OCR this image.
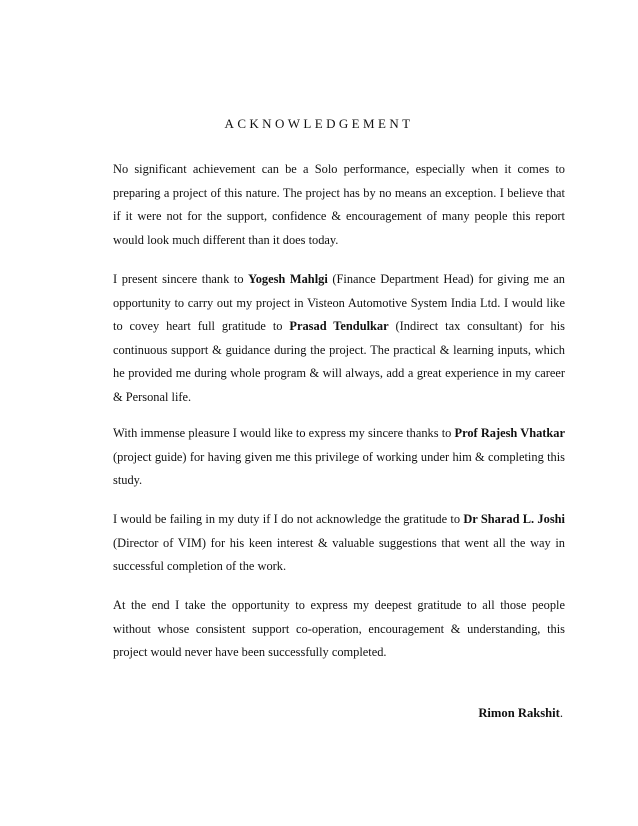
ACKNOWLEDGEMENT

No significant achievement can be a Solo performance, especially when it comes to preparing a project of this nature. The project has by no means an exception. I believe that if it were not for the support, confidence & encouragement of many people this report would look much different than it does today.

I present sincere thank to Yogesh Mahlgi (Finance Department Head) for giving me an opportunity to carry out my project in Visteon Automotive System India Ltd. I would like to covey heart full gratitude to Prasad Tendulkar (Indirect tax consultant) for his continuous support & guidance during the project. The practical & learning inputs, which he provided me during whole program & will always, add a great experience in my career & Personal life.

With immense pleasure I would like to express my sincere thanks to Prof Rajesh Vhatkar (project guide) for having given me this privilege of working under him & completing this study.

I would be failing in my duty if I do not acknowledge the gratitude to Dr Sharad L. Joshi (Director of VIM) for his keen interest & valuable suggestions that went all the way in successful completion of the work.

At the end I take the opportunity to express my deepest gratitude to all those people without whose consistent support co-operation, encouragement & understanding, this project would never have been successfully completed.

Rimon Rakshit.
